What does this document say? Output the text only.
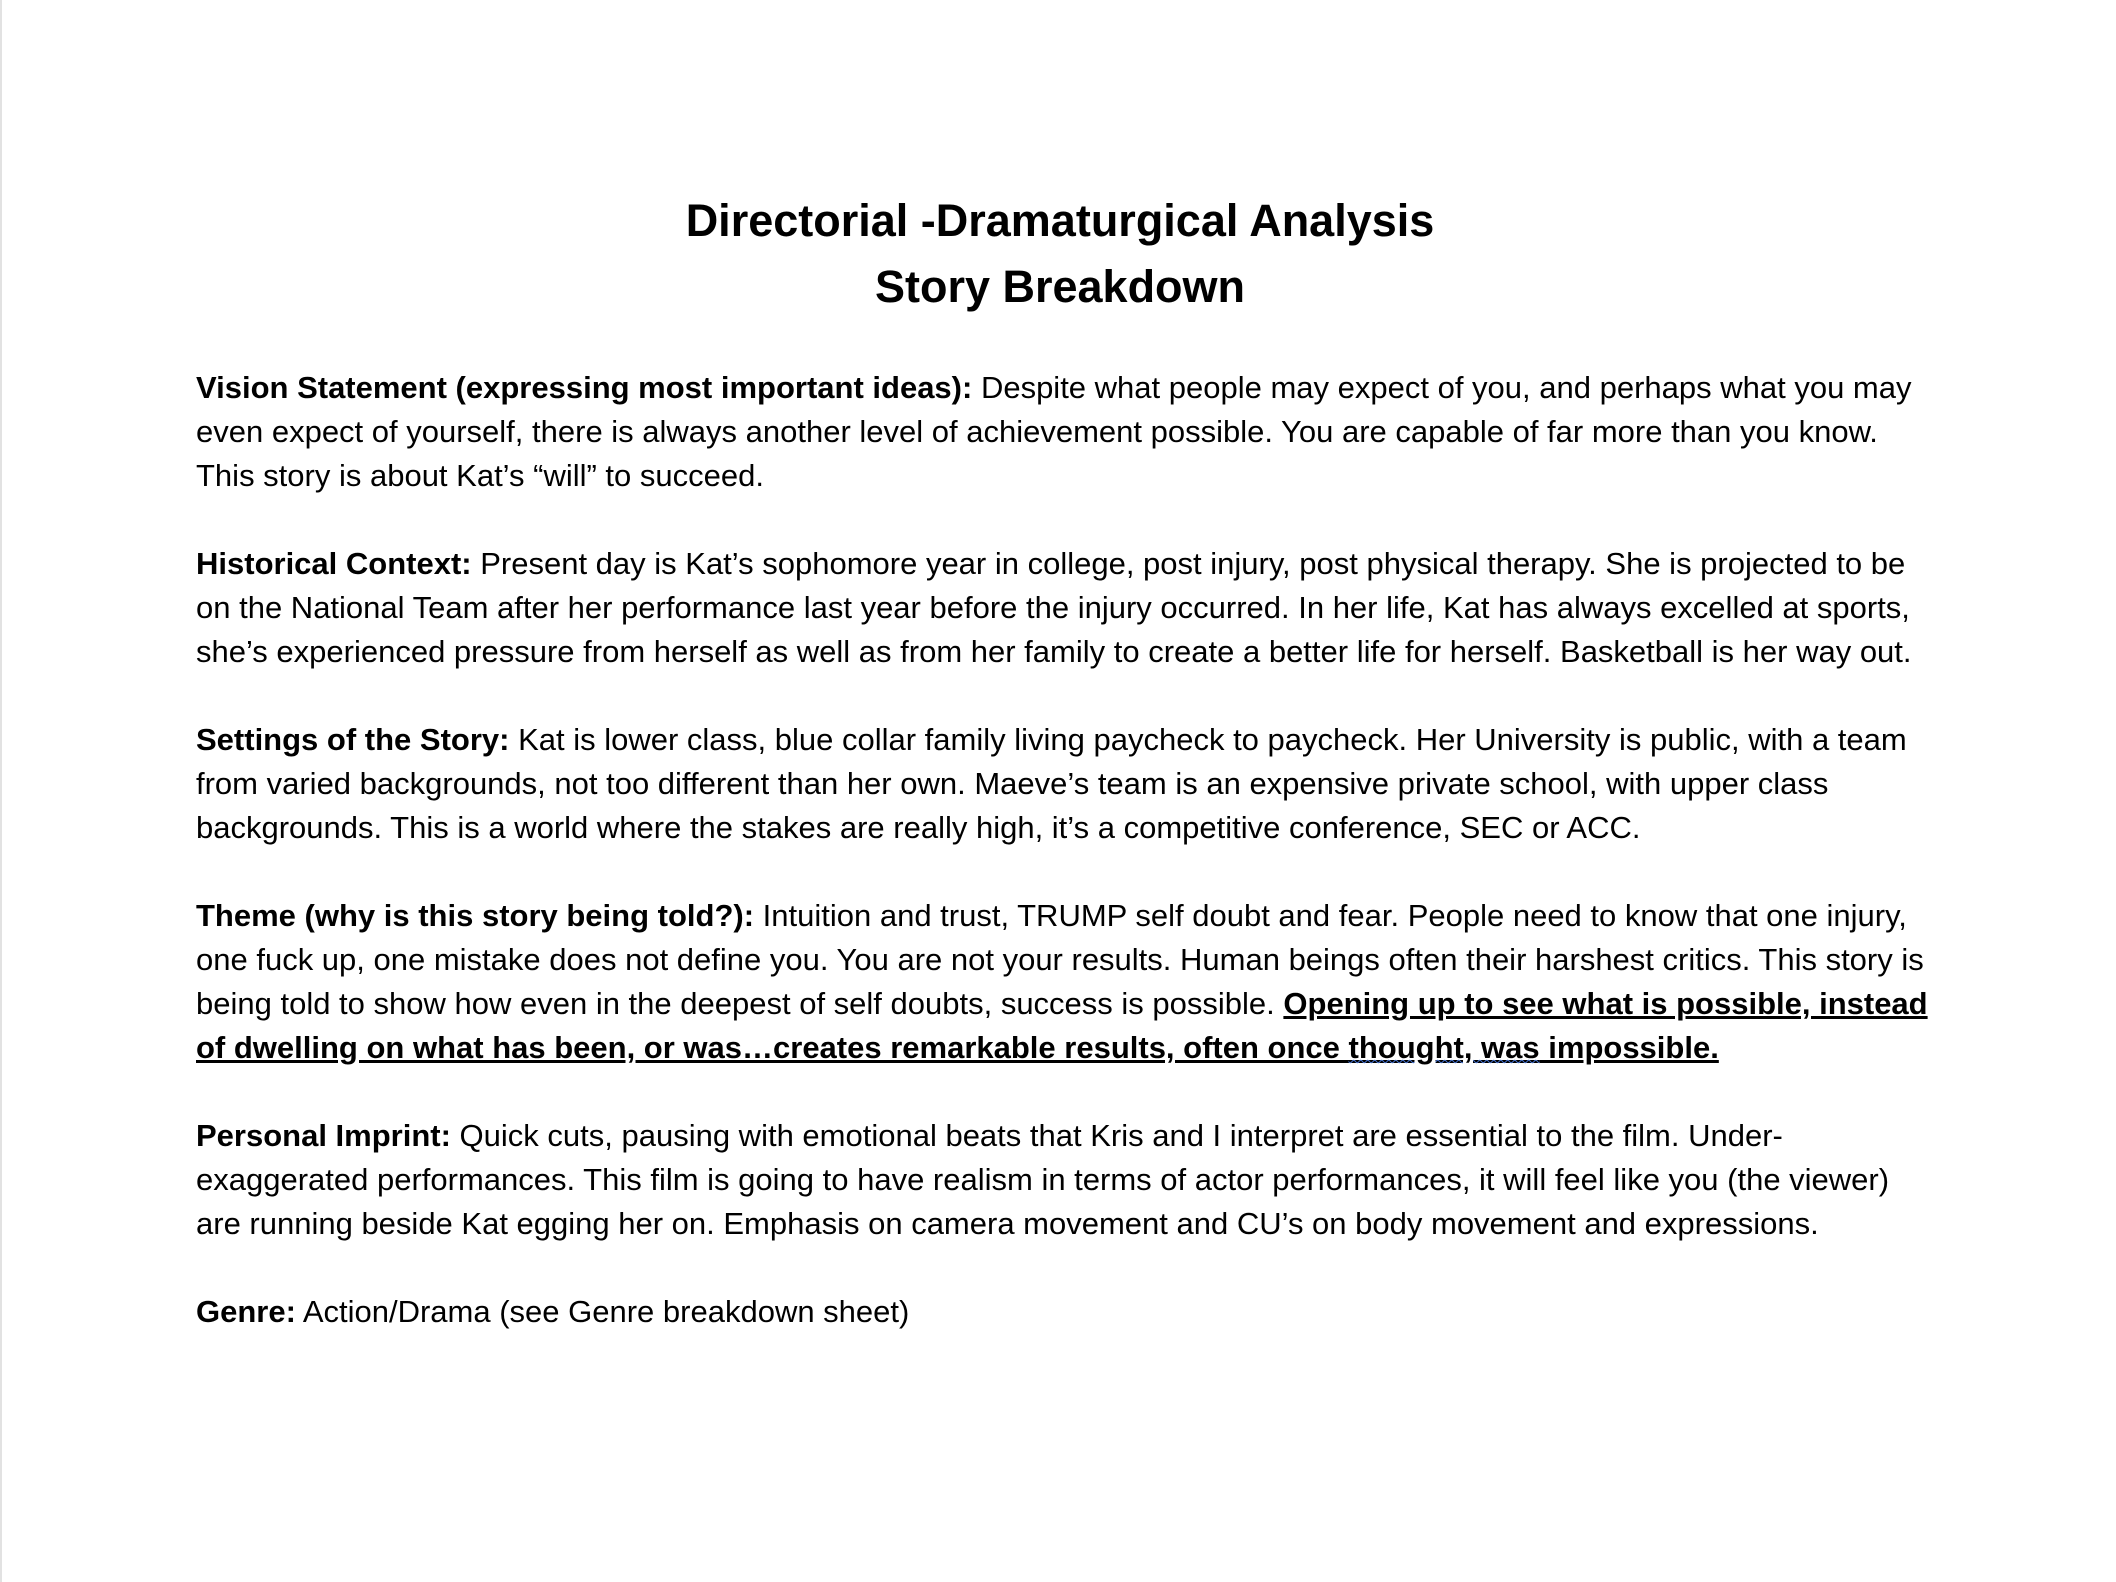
Directorial -Dramaturgical Analysis
Story Breakdown

Vision Statement (expressing most important ideas): Despite what people may expect of you, and perhaps what you may even expect of yourself, there is always another level of achievement possible. You are capable of far more than you know. This story is about Kat’s “will” to succeed.

Historical Context: Present day is Kat’s sophomore year in college, post injury, post physical therapy. She is projected to be on the National Team after her performance last year before the injury occurred. In her life, Kat has always excelled at sports, she’s experienced pressure from herself as well as from her family to create a better life for herself. Basketball is her way out.

Settings of the Story: Kat is lower class, blue collar family living paycheck to paycheck. Her University is public, with a team from varied backgrounds, not too different than her own. Maeve’s team is an expensive private school, with upper class backgrounds. This is a world where the stakes are really high, it’s a competitive conference, SEC or ACC.

Theme (why is this story being told?): Intuition and trust, TRUMP self doubt and fear. People need to know that one injury, one fuck up, one mistake does not define you. You are not your results. Human beings often their harshest critics. This story is being told to show how even in the deepest of self doubts, success is possible. Opening up to see what is possible, instead of dwelling on what has been, or was…creates remarkable results, often once thought, was impossible.

Personal Imprint: Quick cuts, pausing with emotional beats that Kris and I interpret are essential to the film. Under-exaggerated performances. This film is going to have realism in terms of actor performances, it will feel like you (the viewer) are running beside Kat egging her on. Emphasis on camera movement and CU’s on body movement and expressions.

Genre: Action/Drama (see Genre breakdown sheet)
